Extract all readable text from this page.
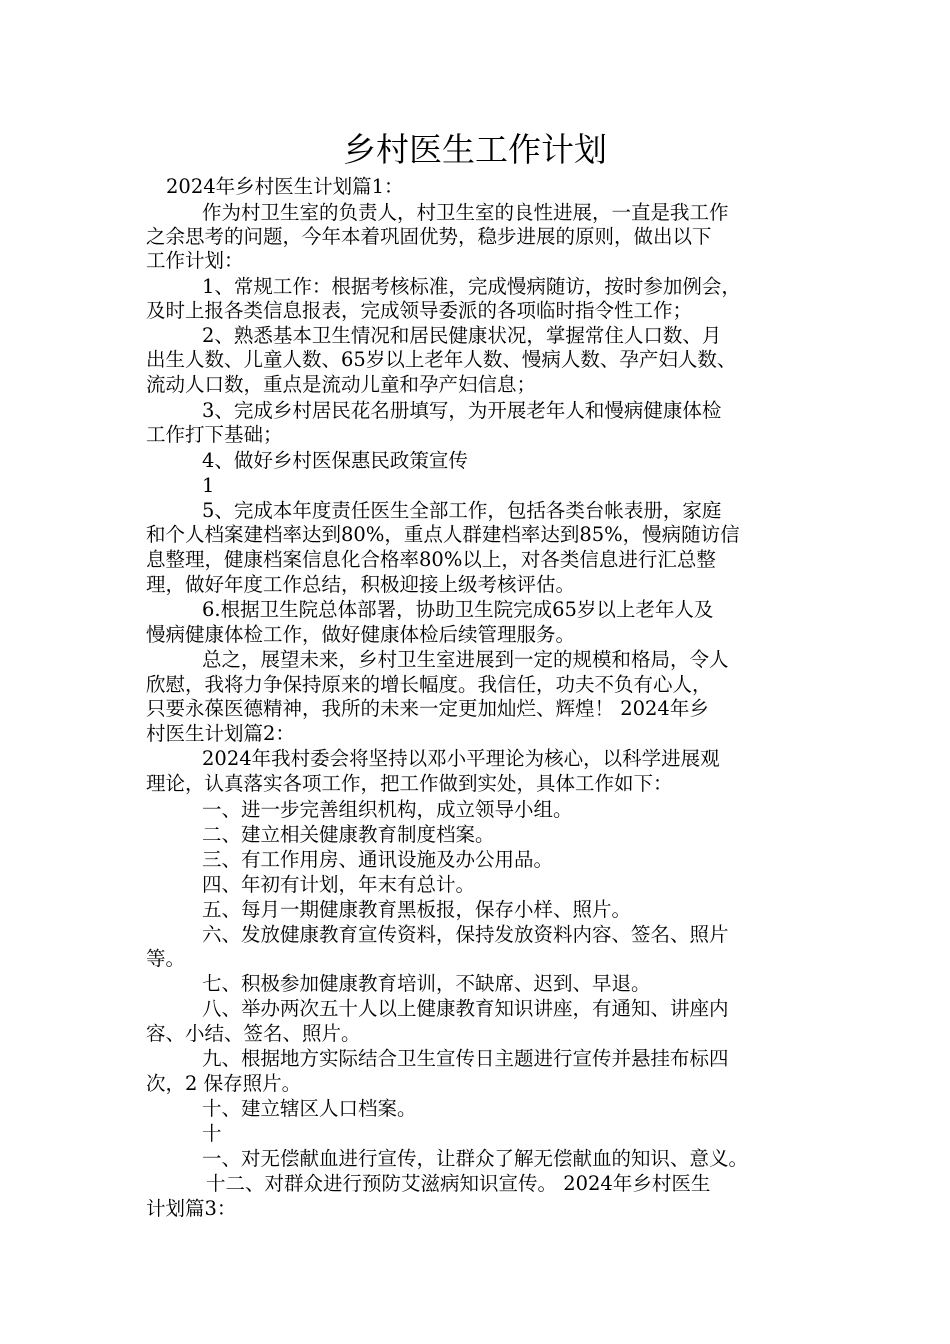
乡村医生工作计划
2024年乡村医生计划篇1：
作为村卫生室的负责人，村卫生室的良性进展，一直是我工作
之余思考的问题，今年本着巩固优势，稳步进展的原则，做出以下
工作计划：
1、常规工作：根据考核标准，完成慢病随访，按时参加例会，
及时上报各类信息报表，完成领导委派的各项临时指令性工作；
2、熟悉基本卫生情况和居民健康状况，掌握常住人口数、月
出生人数、儿童人数、65岁以上老年人数、慢病人数、孕产妇人数、
流动人口数，重点是流动儿童和孕产妇信息；
3、完成乡村居民花名册填写，为开展老年人和慢病健康体检
工作打下基础；
4、做好乡村医保惠民政策宣传
1
5、完成本年度责任医生全部工作，包括各类台帐表册，家庭
和个人档案建档率达到80%，重点人群建档率达到85%，慢病随访信
息整理，健康档案信息化合格率80%以上，对各类信息进行汇总整
理，做好年度工作总结，积极迎接上级考核评估。
6.根据卫生院总体部署，协助卫生院完成65岁以上老年人及
慢病健康体检工作，做好健康体检后续管理服务。
总之，展望未来，乡村卫生室进展到一定的规模和格局，令人
欣慰，我将力争保持原来的增长幅度。我信任，功夫不负有心人，
只要永葆医德精神，我所的未来一定更加灿烂、辉煌！ 2024年乡
村医生计划篇2：
2024年我村委会将坚持以邓小平理论为核心，以科学进展观
理论，认真落实各项工作，把工作做到实处，具体工作如下：
一、进一步完善组织机构，成立领导小组。
二、建立相关健康教育制度档案。
三、有工作用房、通讯设施及办公用品。
四、年初有计划，年末有总计。
五、每月一期健康教育黑板报，保存小样、照片。
六、发放健康教育宣传资料，保持发放资料内容、签名、照片
等。
七、积极参加健康教育培训，不缺席、迟到、早退。
八、举办两次五十人以上健康教育知识讲座，有通知、讲座内
容、小结、签名、照片。
九、根据地方实际结合卫生宣传日主题进行宣传并悬挂布标四
次，2 保存照片。
十、建立辖区人口档案。
十
一、对无偿献血进行宣传，让群众了解无偿献血的知识、意义。
十二、对群众进行预防艾滋病知识宣传。 2024年乡村医生
计划篇3：
